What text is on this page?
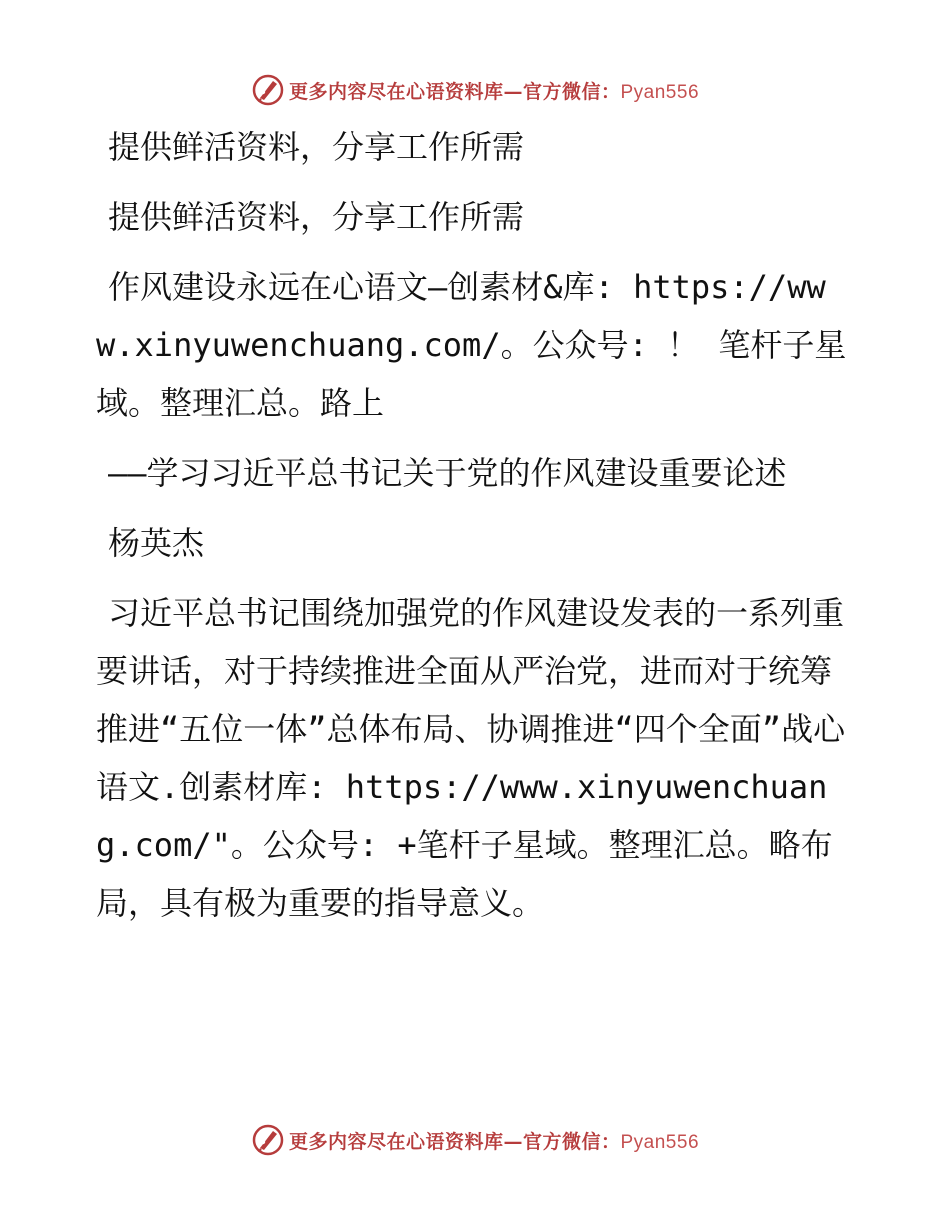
更多内容尽在心语资料库—官方微信：Pyan556

提供鲜活资料，分享工作所需

提供鲜活资料，分享工作所需

作风建设永远在心语文—创素材&库: https://www.xinyuwenchuang.com/。公众号: ！ 笔杆子星域。整理汇总。路上

——学习习近平总书记关于党的作风建设重要论述

杨英杰

习近平总书记围绕加强党的作风建设发表的一系列重要讲话，对于持续推进全面从严治党，进而对于统筹推进“五位一体”总体布局、协调推进“四个全面”战心语文.创素材库: https://www.xinyuwenchuang.com/"。公众号: +笔杆子星域。整理汇总。略布局，具有极为重要的指导意义。

更多内容尽在心语资料库—官方微信：Pyan556
